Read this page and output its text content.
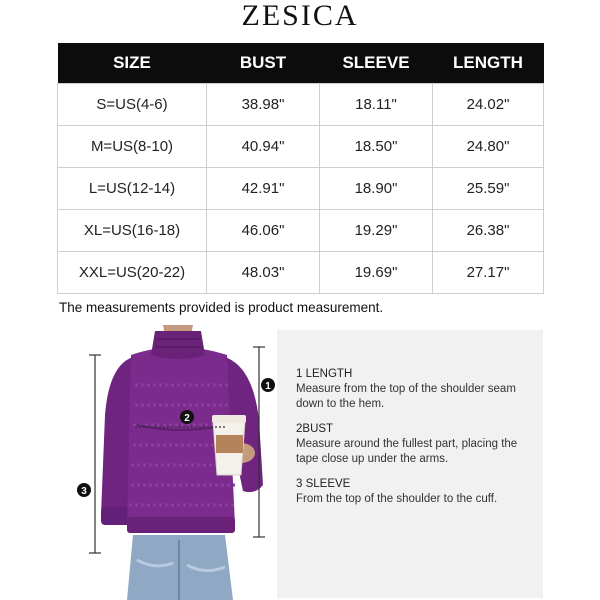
ZESICA
SIZE	BUST	SLEEVE	LENGTH
S=US(4-6)	38.98"	18.11"	24.02"
M=US(8-10)	40.94"	18.50"	24.80"
L=US(12-14)	42.91"	18.90"	25.59"
XL=US(16-18)	46.06"	19.29"	26.38"
XXL=US(20-22)	48.03"	19.69"	27.17"
The measurements provided is product measurement.
1
2
3
1 LENGTH
Measure from the top of the shoulder seam down to the hem.
2BUST
Measure around the fullest part, placing the tape close up under the arms.
3 SLEEVE
From the top of the shoulder to the cuff.
